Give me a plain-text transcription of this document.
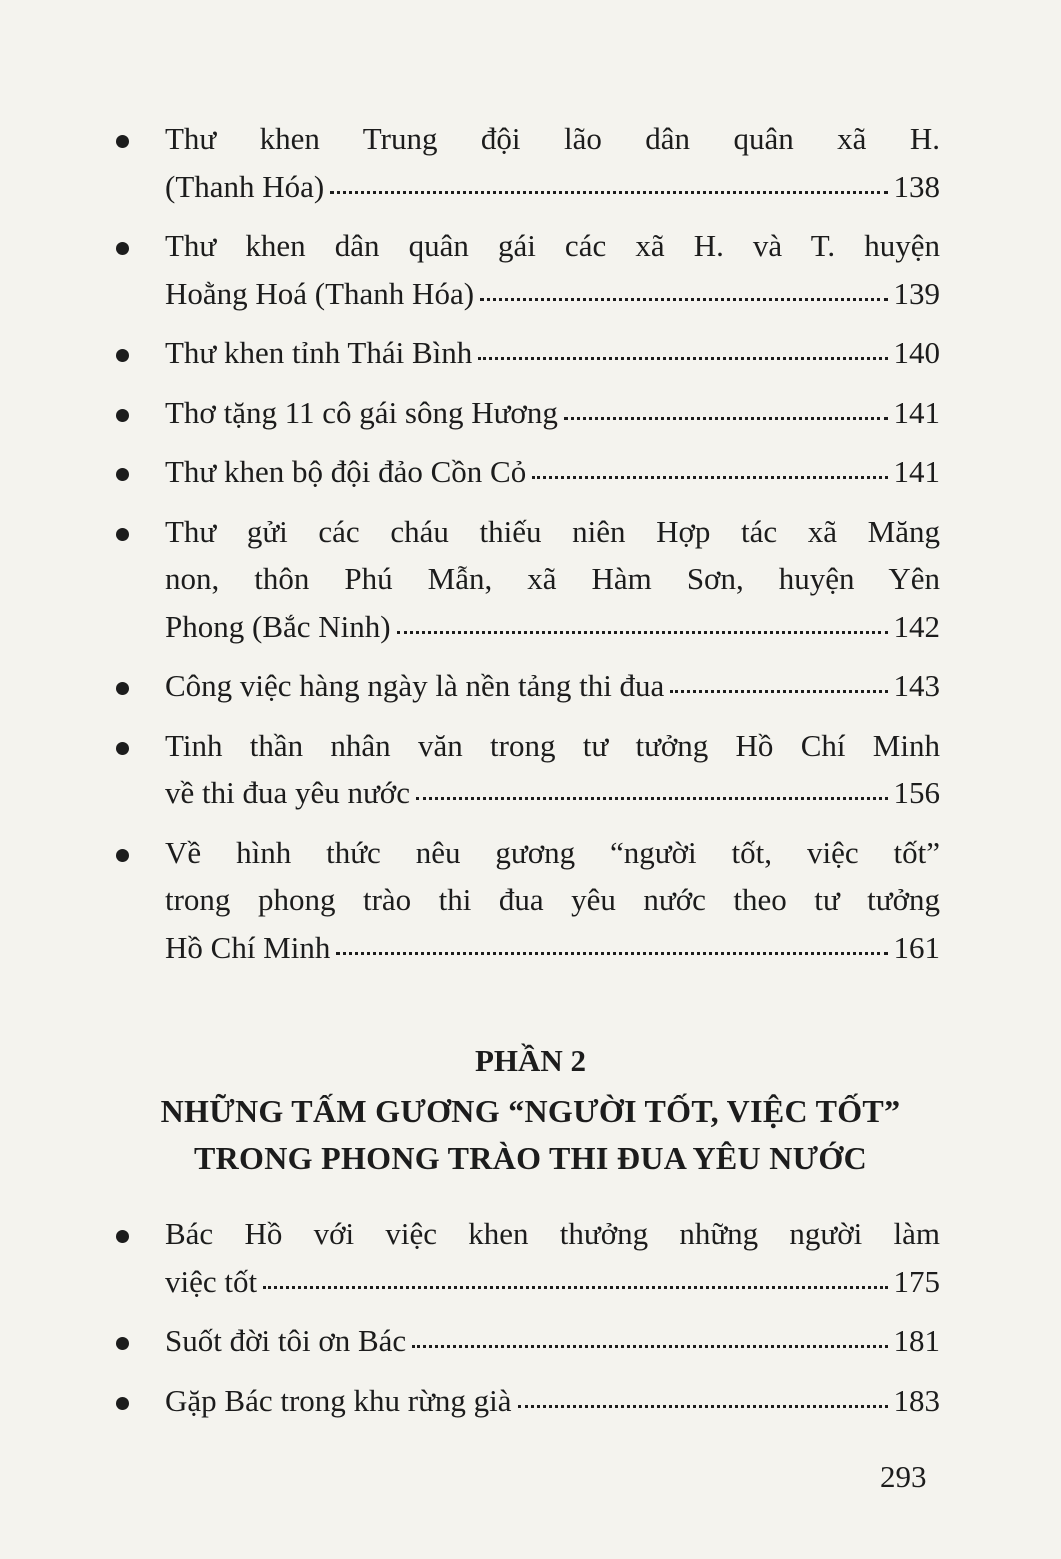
Thư khen Trung đội lão dân quân xã H.
(Thanh Hóa)	138
Thư khen dân quân gái các xã H. và T. huyện
Hoằng Hoá (Thanh Hóa)	139
Thư khen tỉnh Thái Bình	140
Thơ tặng 11 cô gái sông Hương	141
Thư khen bộ đội đảo Cồn Cỏ	141
Thư gửi các cháu thiếu niên Hợp tác xã Măng
non, thôn Phú Mẫn, xã Hàm Sơn, huyện Yên
Phong (Bắc Ninh)	142
Công việc hàng ngày là nền tảng thi đua	143
Tinh thần nhân văn trong tư tưởng Hồ Chí Minh
về thi đua yêu nước	156
Về hình thức nêu gương “người tốt, việc tốt”
trong phong trào thi đua yêu nước theo tư tưởng
Hồ Chí Minh	161
PHẦN 2
NHỮNG TẤM GƯƠNG “NGƯỜI TỐT, VIỆC TỐT”
TRONG PHONG TRÀO THI ĐUA YÊU NƯỚC
Bác Hồ với việc khen thưởng những người làm
việc tốt	175
Suốt đời tôi ơn Bác	181
Gặp Bác trong khu rừng già	183
293
